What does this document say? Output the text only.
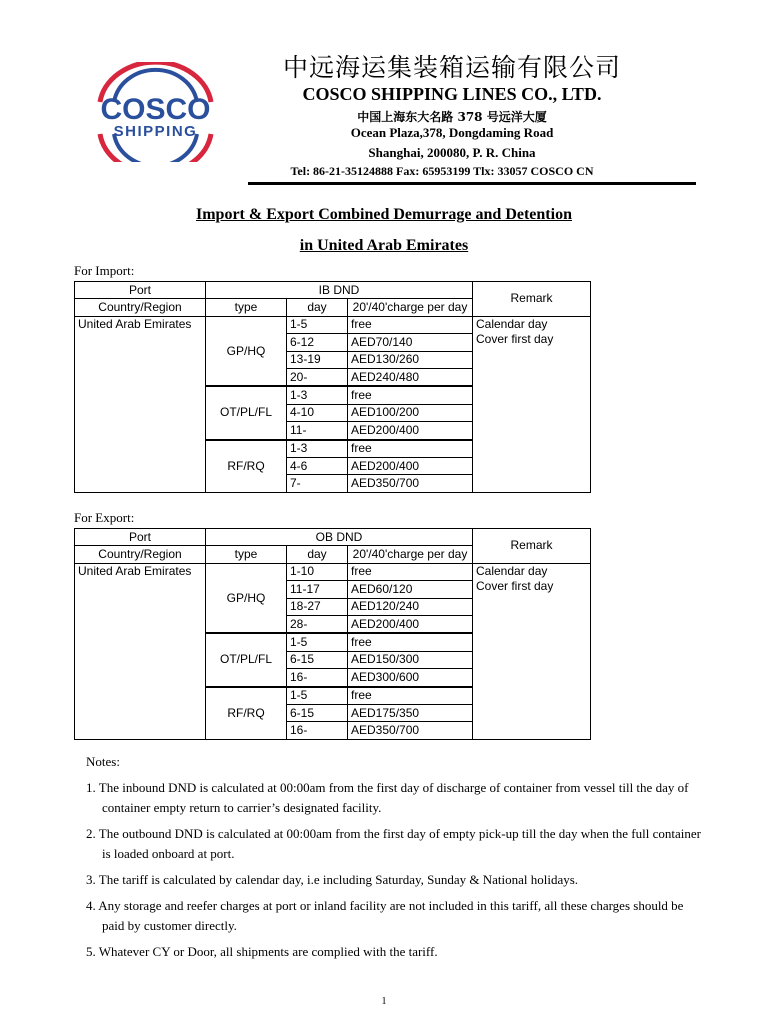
COSCO
SHIPPING
中远海运集装箱运输有限公司
COSCO SHIPPING LINES CO., LTD.
中国上海东大名路 378 号远洋大厦
Ocean Plaza,378, Dongdaming Road
Shanghai, 200080, P. R. China
Tel: 86-21-35124888 Fax: 65953199 Tlx: 33057 COSCO CN
Import & Export Combined Demurrage and Detention
in United Arab Emirates
For Import:
Port	IB DND			Remark
Country/Region	type	day	20'/40'charge per day	
United Arab Emirates	GP/HQ	1-5	free	Calendar day
Cover first day

		6-12	AED70/140	
		13-19	AED130/260	
		20-	AED240/480	
	OT/PL/FL	1-3	free	
		4-10	AED100/200	
		11-	AED200/400	
	RF/RQ	1-3	free	
		4-6	AED200/400	
		7-	AED350/700	
For Export:
Port	OB DND			Remark
Country/Region	type	day	20'/40'charge per day	
United Arab Emirates	GP/HQ	1-10	free	Calendar day
Cover first day

		11-17	AED60/120	
		18-27	AED120/240	
		28-	AED200/400	
	OT/PL/FL	1-5	free	
		6-15	AED150/300	
		16-	AED300/600	
	RF/RQ	1-5	free	
		6-15	AED175/350	
		16-	AED350/700	

Notes:

1. The inbound DND is calculated at 00:00am from the first day of discharge of container from vessel till the day of container empty return to carrier’s designated facility.

2. The outbound DND is calculated at 00:00am from the first day of empty pick-up till the day when the full container is loaded onboard at port.

3. The tariff is calculated by calendar day, i.e including Saturday, Sunday & National holidays.

4. Any storage and reefer charges at port or inland facility are not included in this tariff, all these charges should be paid by customer directly.

5. Whatever CY or Door, all shipments are complied with the tariff.

1
